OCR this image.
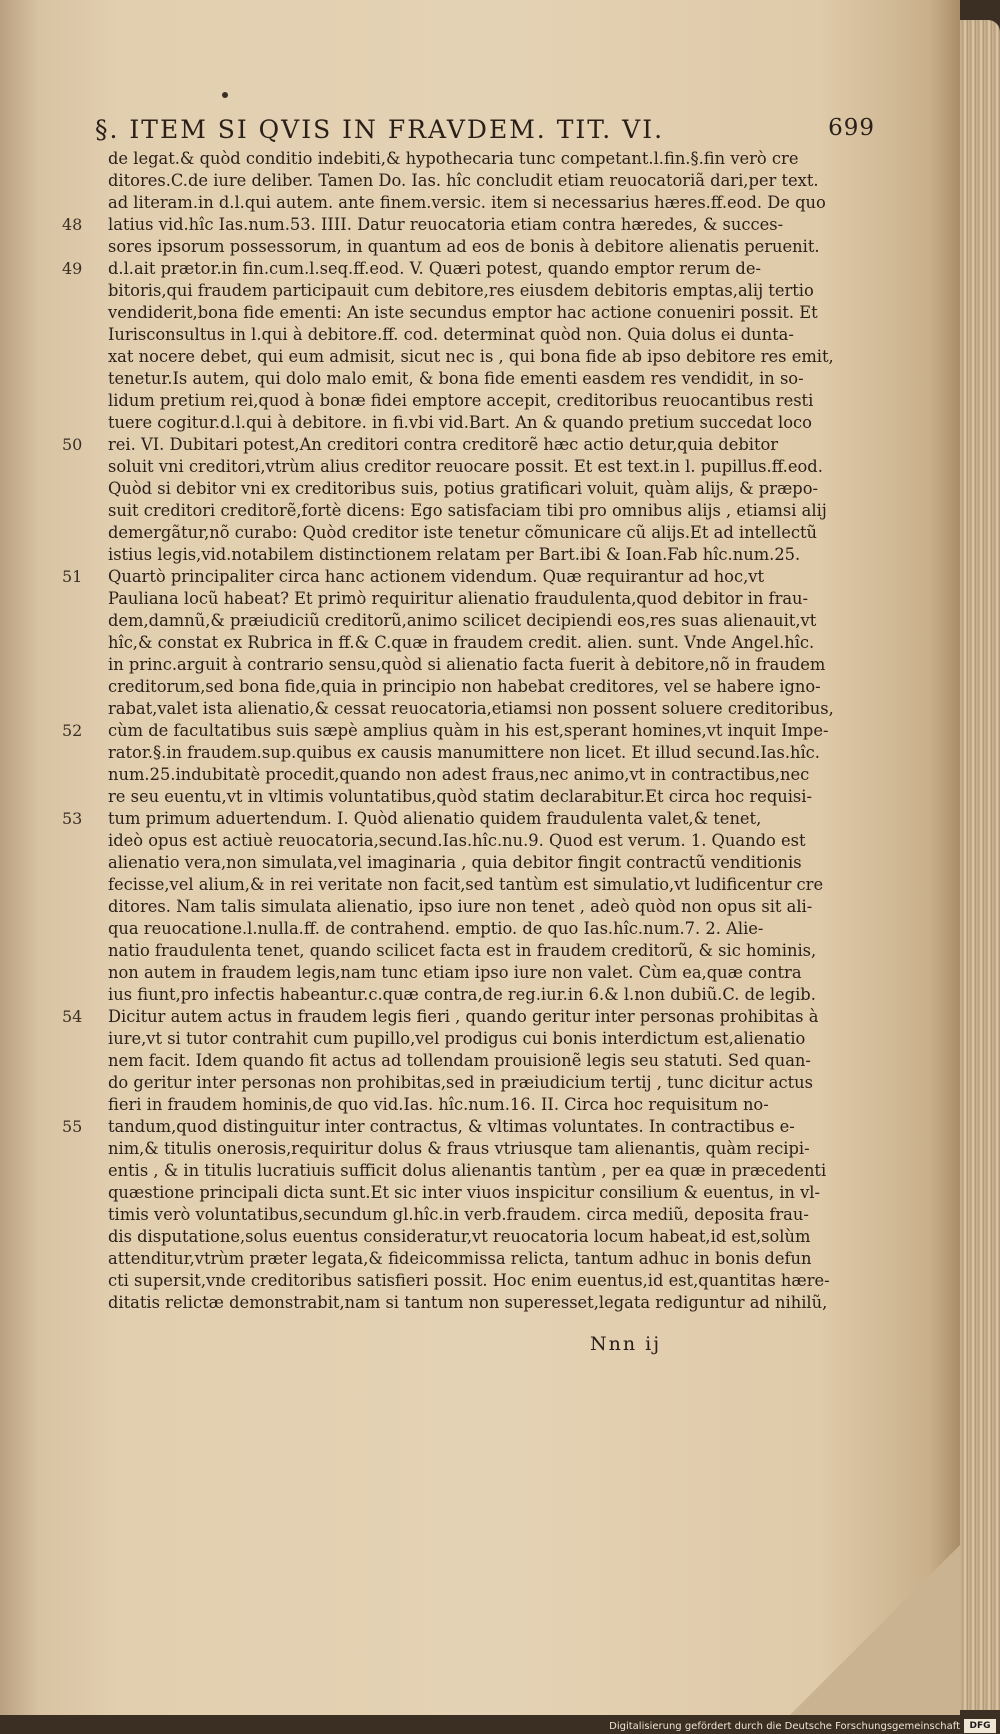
§. ITEM SI QVIS IN FRAVDEM. TIT. VI.	699
de legat.& quòd conditio indebiti,& hypothecaria tunc competant.l.fin.§.fin verò cre
ditores.C.de iure deliber. Tamen Do. Ias. hîc concludit etiam reuocatoriã dari,per text.
ad literam.in d.l.qui autem. ante finem.versic. item si necessarius hæres.ff.eod. De quo
48	latius vid.hîc Ias.num.53. IIII. Datur reuocatoria etiam contra hæredes, & succes-
sores ipsorum possessorum, in quantum ad eos de bonis à debitore alienatis peruenit.
49	d.l.ait prætor.in fin.cum.l.seq.ff.eod. V. Quæri potest, quando emptor rerum de-
bitoris,qui fraudem participauit cum debitore,res eiusdem debitoris emptas,alij tertio
vendiderit,bona fide ementi: An iste secundus emptor hac actione conueniri possit. Et
Iurisconsultus in l.qui à debitore.ff. cod. determinat quòd non. Quia dolus ei dunta-
xat nocere debet, qui eum admisit, sicut nec is , qui bona fide ab ipso debitore res emit,
tenetur.Is autem, qui dolo malo emit, & bona fide ementi easdem res vendidit, in so-
lidum pretium rei,quod à bonæ fidei emptore accepit, creditoribus reuocantibus resti
tuere cogitur.d.l.qui à debitore. in fi.vbi vid.Bart. An & quando pretium succedat loco
50	rei. VI. Dubitari potest,An creditori contra creditorẽ hæc actio detur,quia debitor
soluit vni creditori,vtrùm alius creditor reuocare possit. Et est text.in l. pupillus.ff.eod.
Quòd si debitor vni ex creditoribus suis, potius gratificari voluit, quàm alijs, & præpo-
suit creditori creditorẽ,fortè dicens: Ego satisfaciam tibi pro omnibus alijs , etiamsi alij
demergãtur,nõ curabo: Quòd creditor iste tenetur cõmunicare cũ alijs.Et ad intellectũ
istius legis,vid.notabilem distinctionem relatam per Bart.ibi & Ioan.Fab hîc.num.25.
51	Quartò principaliter circa hanc actionem videndum. Quæ requirantur ad hoc,vt
Pauliana locũ habeat? Et primò requiritur alienatio fraudulenta,quod debitor in frau-
dem,damnũ,& præiudiciũ creditorũ,animo scilicet decipiendi eos,res suas alienauit,vt
hîc,& constat ex Rubrica in ff.& C.quæ in fraudem credit. alien. sunt. Vnde Angel.hîc.
in princ.arguit à contrario sensu,quòd si alienatio facta fuerit à debitore,nõ in fraudem
creditorum,sed bona fide,quia in principio non habebat creditores, vel se habere igno-
rabat,valet ista alienatio,& cessat reuocatoria,etiamsi non possent soluere creditoribus,
52	cùm de facultatibus suis sæpè amplius quàm in his est,sperant homines,vt inquit Impe-
rator.§.in fraudem.sup.quibus ex causis manumittere non licet. Et illud secund.Ias.hîc.
num.25.indubitatè procedit,quando non adest fraus,nec animo,vt in contractibus,nec
re seu euentu,vt in vltimis voluntatibus,quòd statim declarabitur.Et circa hoc requisi-
53	tum primum aduertendum. I. Quòd alienatio quidem fraudulenta valet,& tenet,
ideò opus est actiuè reuocatoria,secund.Ias.hîc.nu.9. Quod est verum. 1. Quando est
alienatio vera,non simulata,vel imaginaria , quia debitor fingit contractũ venditionis
fecisse,vel alium,& in rei veritate non facit,sed tantùm est simulatio,vt ludificentur cre
ditores. Nam talis simulata alienatio, ipso iure non tenet , adeò quòd non opus sit ali-
qua reuocatione.l.nulla.ff. de contrahend. emptio. de quo Ias.hîc.num.7. 2. Alie-
natio fraudulenta tenet, quando scilicet facta est in fraudem creditorũ, & sic hominis,
non autem in fraudem legis,nam tunc etiam ipso iure non valet. Cùm ea,quæ contra
ius fiunt,pro infectis habeantur.c.quæ contra,de reg.iur.in 6.& l.non dubiũ.C. de legib.
54	Dicitur autem actus in fraudem legis fieri , quando geritur inter personas prohibitas à
iure,vt si tutor contrahit cum pupillo,vel prodigus cui bonis interdictum est,alienatio
nem facit. Idem quando fit actus ad tollendam prouisionẽ legis seu statuti. Sed quan-
do geritur inter personas non prohibitas,sed in præiudicium tertij , tunc dicitur actus
fieri in fraudem hominis,de quo vid.Ias. hîc.num.16. II. Circa hoc requisitum no-
55	tandum,quod distinguitur inter contractus, & vltimas voluntates. In contractibus e-
nim,& titulis onerosis,requiritur dolus & fraus vtriusque tam alienantis, quàm recipi-
entis , & in titulis lucratiuis sufficit dolus alienantis tantùm , per ea quæ in præcedenti
quæstione principali dicta sunt.Et sic inter viuos inspicitur consilium & euentus, in vl-
timis verò voluntatibus,secundum gl.hîc.in verb.fraudem. circa mediũ, deposita frau-
dis disputatione,solus euentus consideratur,vt reuocatoria locum habeat,id est,solùm
attenditur,vtrùm præter legata,& fideicommissa relicta, tantum adhuc in bonis defun
cti supersit,vnde creditoribus satisfieri possit. Hoc enim euentus,id est,quantitas hære-
ditatis relictæ demonstrabit,nam si tantum non superesset,legata rediguntur ad nihilũ,
Nnn ij
Digitalisierung gefördert durch die Deutsche Forschungsgemeinschaft	DFG
